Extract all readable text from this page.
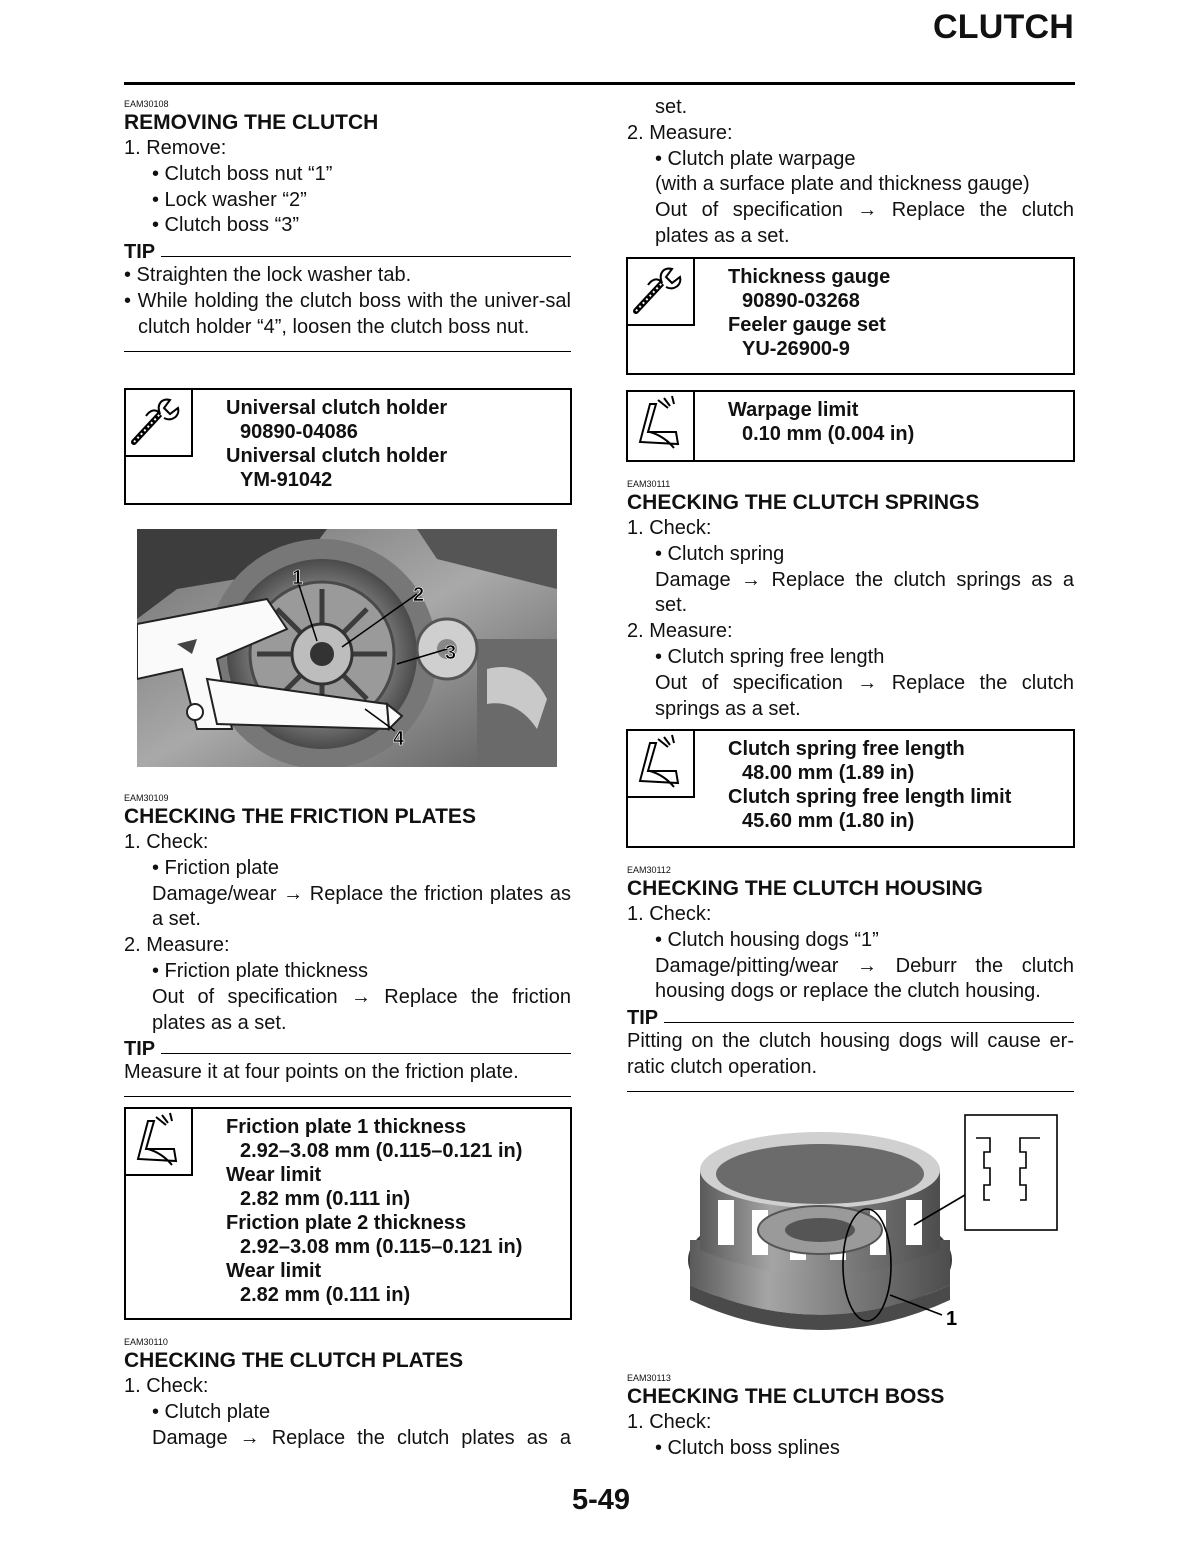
CLUTCH
EAM30108
REMOVING THE CLUTCH
1. Remove:
• Clutch boss nut “1”
• Lock washer “2”
• Clutch boss “3”
TIP
• Straighten the lock washer tab.
• While holding the clutch boss with the univer-sal clutch holder “4”, loosen the clutch boss nut.
Universal clutch holder
90890-04086
Universal clutch holder
YM-91042
1
2
3
4
EAM30109
CHECKING THE FRICTION PLATES
1. Check:
• Friction plate
Damage/wear → Replace the friction plates as a set.
2. Measure:
• Friction plate thickness
Out of specification → Replace the friction plates as a set.
TIP
Measure it at four points on the friction plate.
Friction plate 1 thickness
2.92–3.08 mm (0.115–0.121 in)
Wear limit
2.82 mm (0.111 in)
Friction plate 2 thickness
2.92–3.08 mm (0.115–0.121 in)
Wear limit
2.82 mm (0.111 in)
EAM30110
CHECKING THE CLUTCH PLATES
1. Check:
• Clutch plate
Damage → Replace the clutch plates as a
set.
2. Measure:
• Clutch plate warpage
(with a surface plate and thickness gauge)
Out of specification → Replace the clutch plates as a set.
Thickness gauge
90890-03268
Feeler gauge set
YU-26900-9
Warpage limit
0.10 mm (0.004 in)
EAM30111
CHECKING THE CLUTCH SPRINGS
1. Check:
• Clutch spring
Damage → Replace the clutch springs as a set.
2. Measure:
• Clutch spring free length
Out of specification → Replace the clutch springs as a set.
Clutch spring free length
48.00 mm (1.89 in)
Clutch spring free length limit
45.60 mm (1.80 in)
EAM30112
CHECKING THE CLUTCH HOUSING
1. Check:
• Clutch housing dogs “1”
Damage/pitting/wear → Deburr the clutch housing dogs or replace the clutch housing.
TIP
Pitting on the clutch housing dogs will cause er-ratic clutch operation.
1
EAM30113
CHECKING THE CLUTCH BOSS
1. Check:
• Clutch boss splines
5-49
